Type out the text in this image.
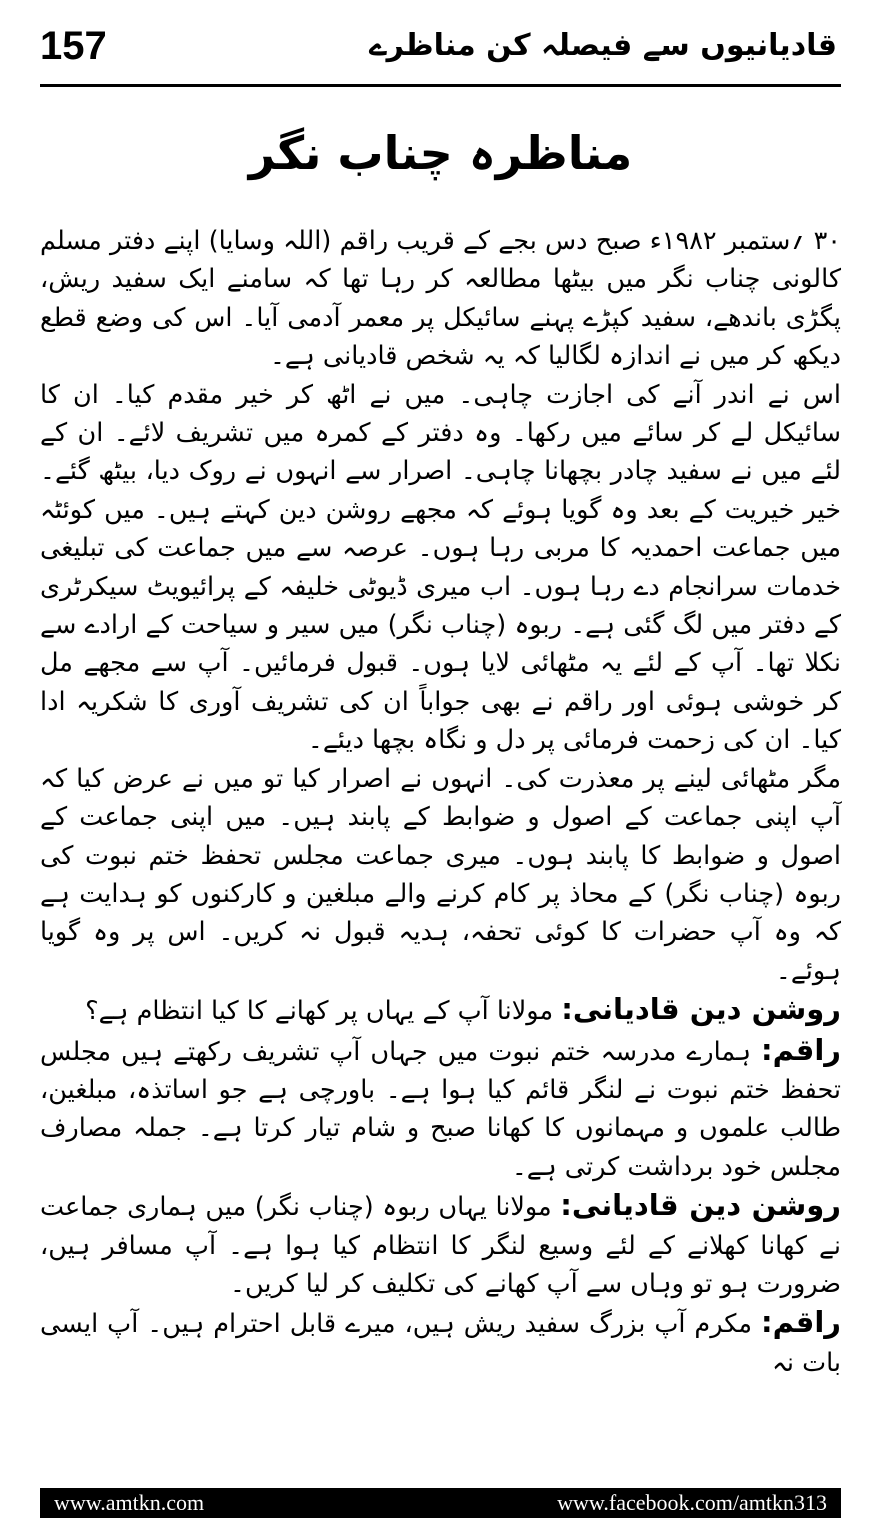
157	قادیانیوں سے فیصلہ کن مناظرے
مناظرہ چناب نگر

۳۰ ؍ستمبر ۱۹۸۲ء صبح دس بجے کے قریب راقم (اللہ وسایا) اپنے دفتر مسلم کالونی چناب نگر میں بیٹھا مطالعہ کر رہا تھا کہ سامنے ایک سفید ریش، پگڑی باندھے، سفید کپڑے پہنے سائیکل پر معمر آدمی آیا۔ اس کی وضع قطع دیکھ کر میں نے اندازہ لگالیا کہ یہ شخص قادیانی ہے۔

اس نے اندر آنے کی اجازت چاہی۔ میں نے اٹھ کر خیر مقدم کیا۔ ان کا سائیکل لے کر سائے میں رکھا۔ وہ دفتر کے کمرہ میں تشریف لائے۔ ان کے لئے میں نے سفید چادر بچھانا چاہی۔ اصرار سے انہوں نے روک دیا، بیٹھ گئے۔ خیر خیریت کے بعد وہ گویا ہوئے کہ مجھے روشن دین کہتے ہیں۔ میں کوئٹہ میں جماعت احمدیہ کا مربی رہا ہوں۔ عرصہ سے میں جماعت کی تبلیغی خدمات سرانجام دے رہا ہوں۔ اب میری ڈیوٹی خلیفہ کے پرائیویٹ سیکرٹری کے دفتر میں لگ گئی ہے۔ ربوہ (چناب نگر) میں سیر و سیاحت کے ارادے سے نکلا تھا۔ آپ کے لئے یہ مٹھائی لایا ہوں۔ قبول فرمائیں۔ آپ سے مجھے مل کر خوشی ہوئی اور راقم نے بھی جواباً ان کی تشریف آوری کا شکریہ ادا کیا۔ ان کی زحمت فرمائی پر دل و نگاہ بچھا دیئے۔

مگر مٹھائی لینے پر معذرت کی۔ انہوں نے اصرار کیا تو میں نے عرض کیا کہ آپ اپنی جماعت کے اصول و ضوابط کے پابند ہیں۔ میں اپنی جماعت کے اصول و ضوابط کا پابند ہوں۔ میری جماعت مجلس تحفظ ختم نبوت کی ربوہ (چناب نگر) کے محاذ پر کام کرنے والے مبلغین و کارکنوں کو ہدایت ہے کہ وہ آپ حضرات کا کوئی تحفہ، ہدیہ قبول نہ کریں۔ اس پر وہ گویا ہوئے۔

روشن دین قادیانی: مولانا آپ کے یہاں پر کھانے کا کیا انتظام ہے؟

راقم: ہمارے مدرسہ ختم نبوت میں جہاں آپ تشریف رکھتے ہیں مجلس تحفظ ختم نبوت نے لنگر قائم کیا ہوا ہے۔ باورچی ہے جو اساتذہ، مبلغین، طالب علموں و مہمانوں کا کھانا صبح و شام تیار کرتا ہے۔ جملہ مصارف مجلس خود برداشت کرتی ہے۔

روشن دین قادیانی: مولانا یہاں ربوہ (چناب نگر) میں ہماری جماعت نے کھانا کھلانے کے لئے وسیع لنگر کا انتظام کیا ہوا ہے۔ آپ مسافر ہیں، ضرورت ہو تو وہاں سے آپ کھانے کی تکلیف کر لیا کریں۔

راقم: مکرم آپ بزرگ سفید ریش ہیں، میرے قابل احترام ہیں۔ آپ ایسی بات نہ

www.amtkn.com	www.facebook.com/amtkn313
